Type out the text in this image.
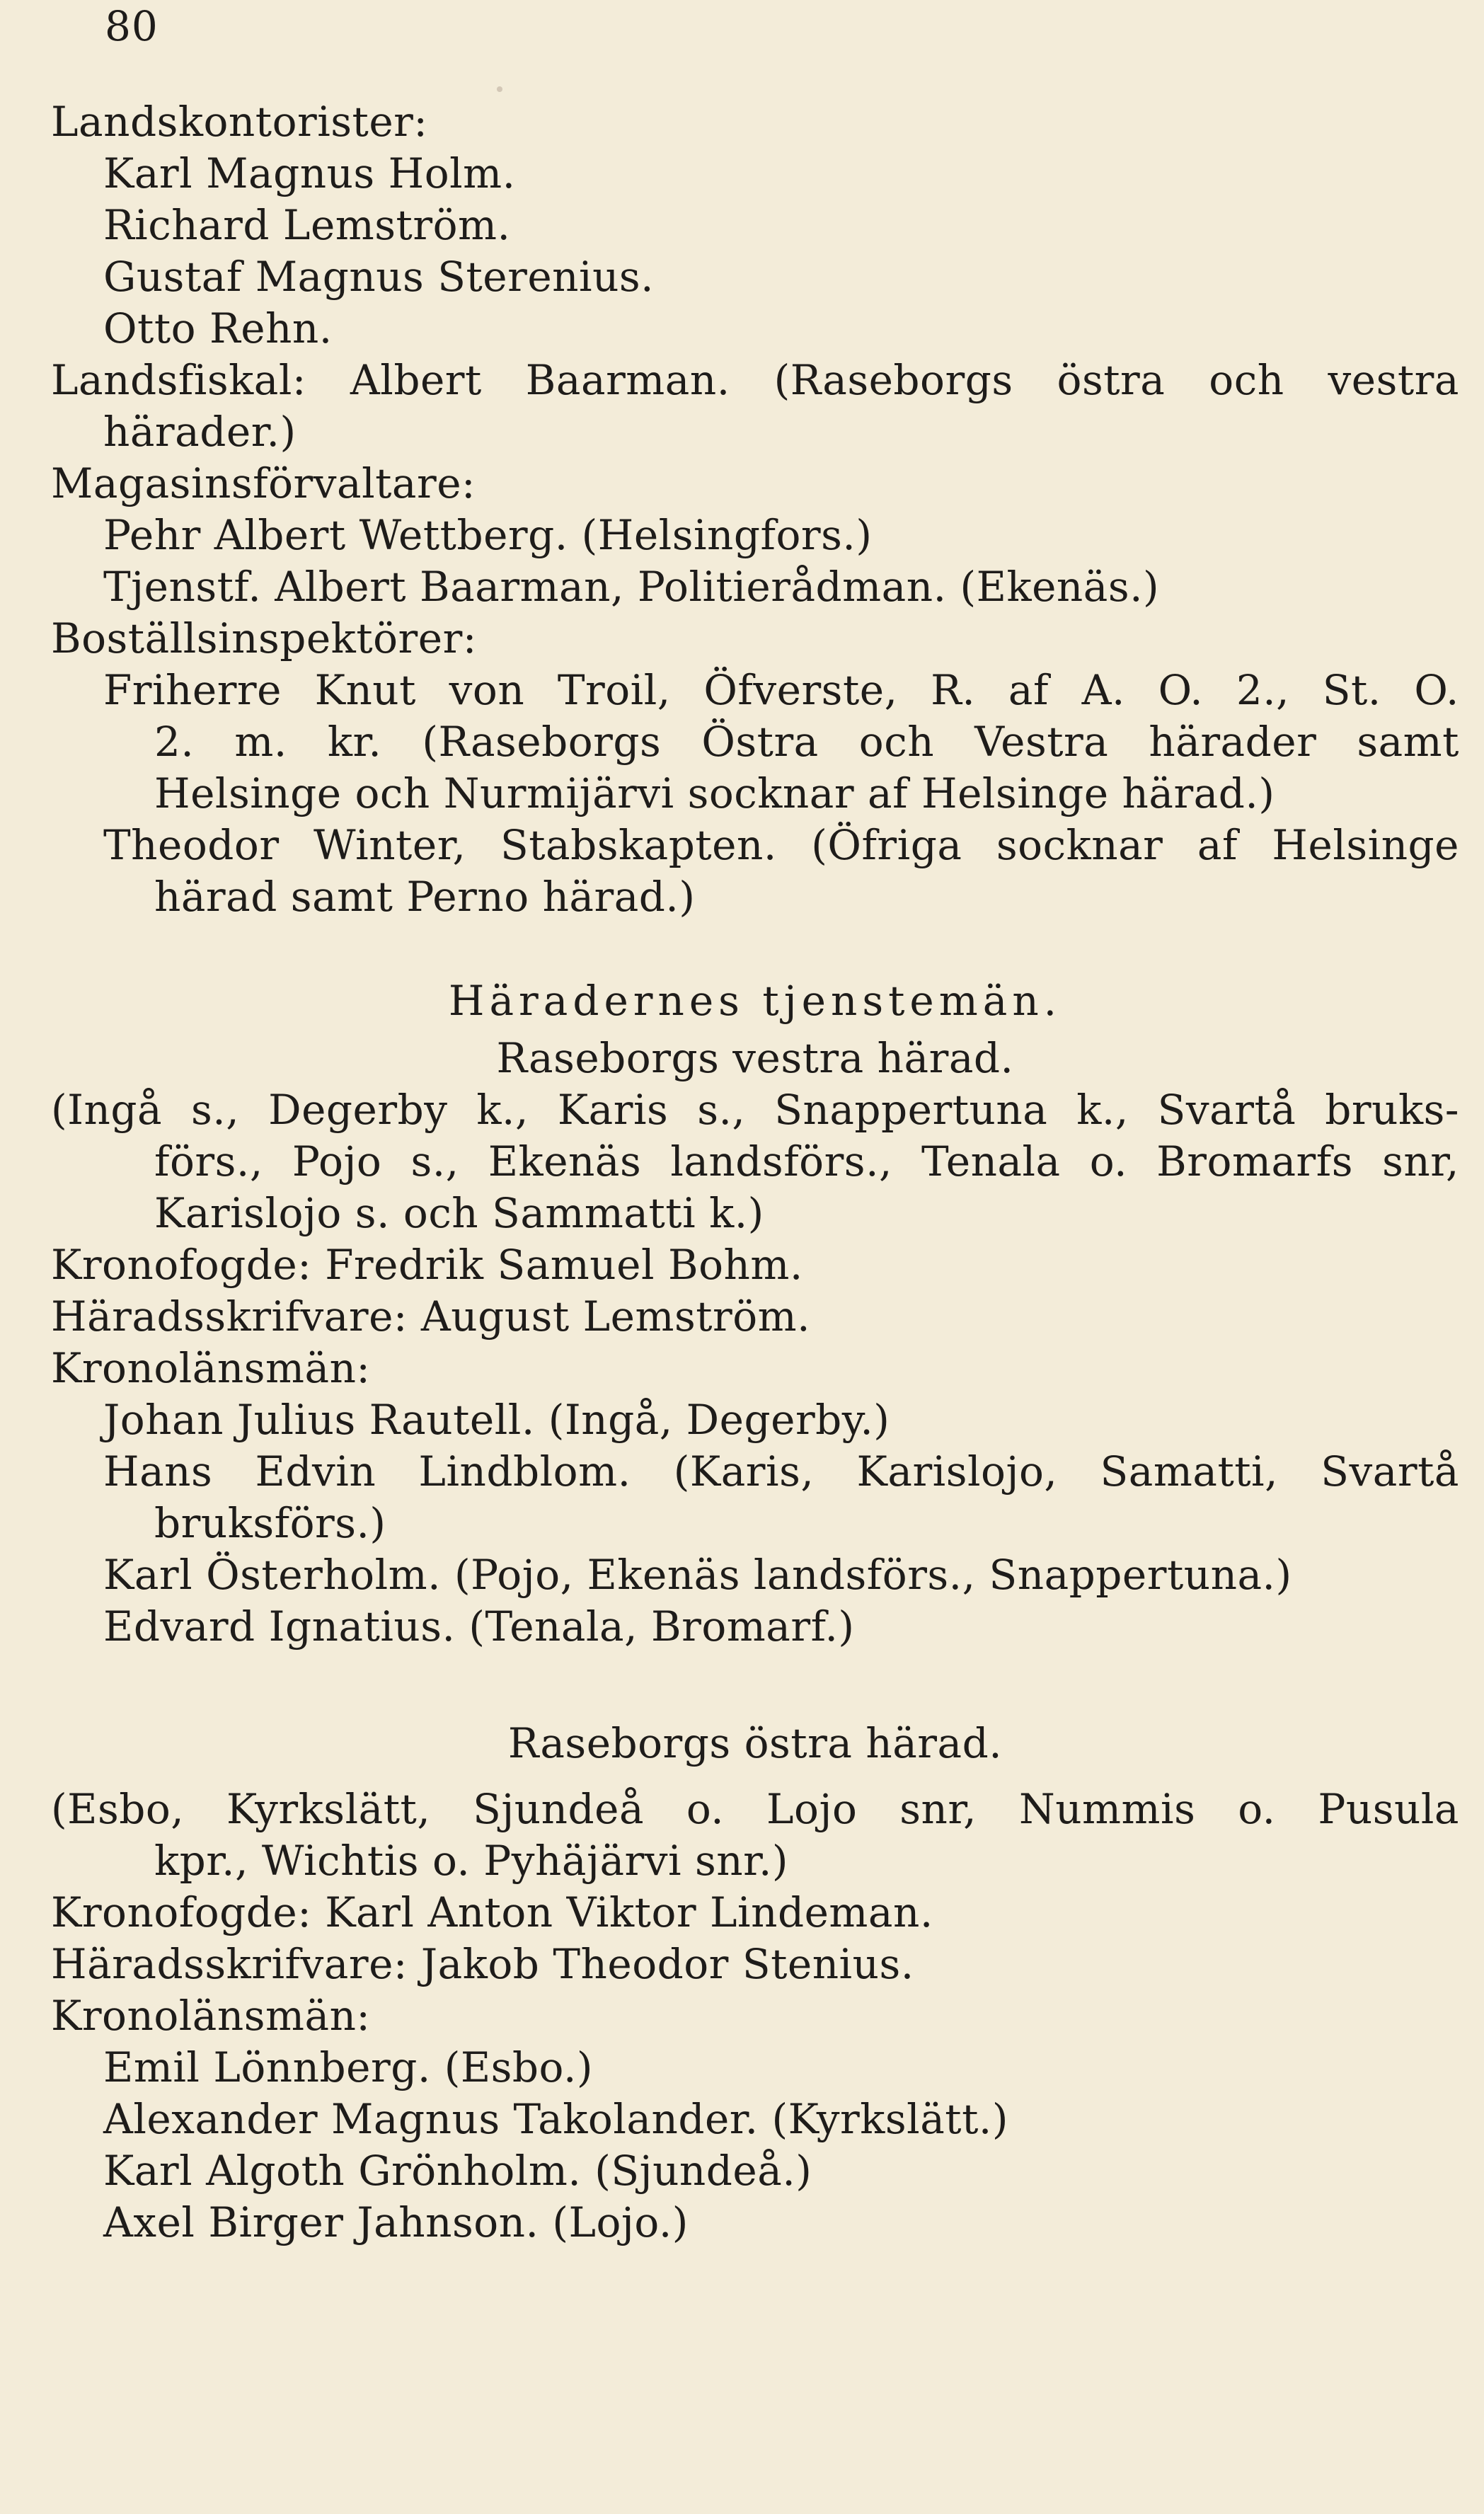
80
Landskontorister:
Karl Magnus Holm.
Richard Lemström.
Gustaf Magnus Sterenius.
Otto Rehn.
Landsfiskal: Albert Baarman. (Raseborgs östra och vestra
härader.)
Magasinsförvaltare:
Pehr Albert Wettberg. (Helsingfors.)
Tjenstf. Albert Baarman, Politierådman. (Ekenäs.)
Boställsinspektörer:
Friherre Knut von Troil, Öfverste, R. af A. O. 2., St. O.
2. m. kr. (Raseborgs Östra och Vestra härader samt
Helsinge och Nurmijärvi socknar af Helsinge härad.)
Theodor Winter, Stabskapten. (Öfriga socknar af Helsinge
härad samt Perno härad.)
Häradernes tjenstemän.
Raseborgs vestra härad.
(Ingå s., Degerby k., Karis s., Snappertuna k., Svartå bruks-
förs., Pojo s., Ekenäs landsförs., Tenala o. Bromarfs snr,
Karislojo s. och Sammatti k.)
Kronofogde: Fredrik Samuel Bohm.
Häradsskrifvare: August Lemström.
Kronolänsmän:
Johan Julius Rautell. (Ingå, Degerby.)
Hans Edvin Lindblom. (Karis, Karislojo, Samatti, Svartå
bruksförs.)
Karl Österholm. (Pojo, Ekenäs landsförs., Snappertuna.)
Edvard Ignatius. (Tenala, Bromarf.)
Raseborgs östra härad.
(Esbo, Kyrkslätt, Sjundeå o. Lojo snr, Nummis o. Pusula
kpr., Wichtis o. Pyhäjärvi snr.)
Kronofogde: Karl Anton Viktor Lindeman.
Häradsskrifvare: Jakob Theodor Stenius.
Kronolänsmän:
Emil Lönnberg. (Esbo.)
Alexander Magnus Takolander. (Kyrkslätt.)
Karl Algoth Grönholm. (Sjundeå.)
Axel Birger Jahnson. (Lojo.)
